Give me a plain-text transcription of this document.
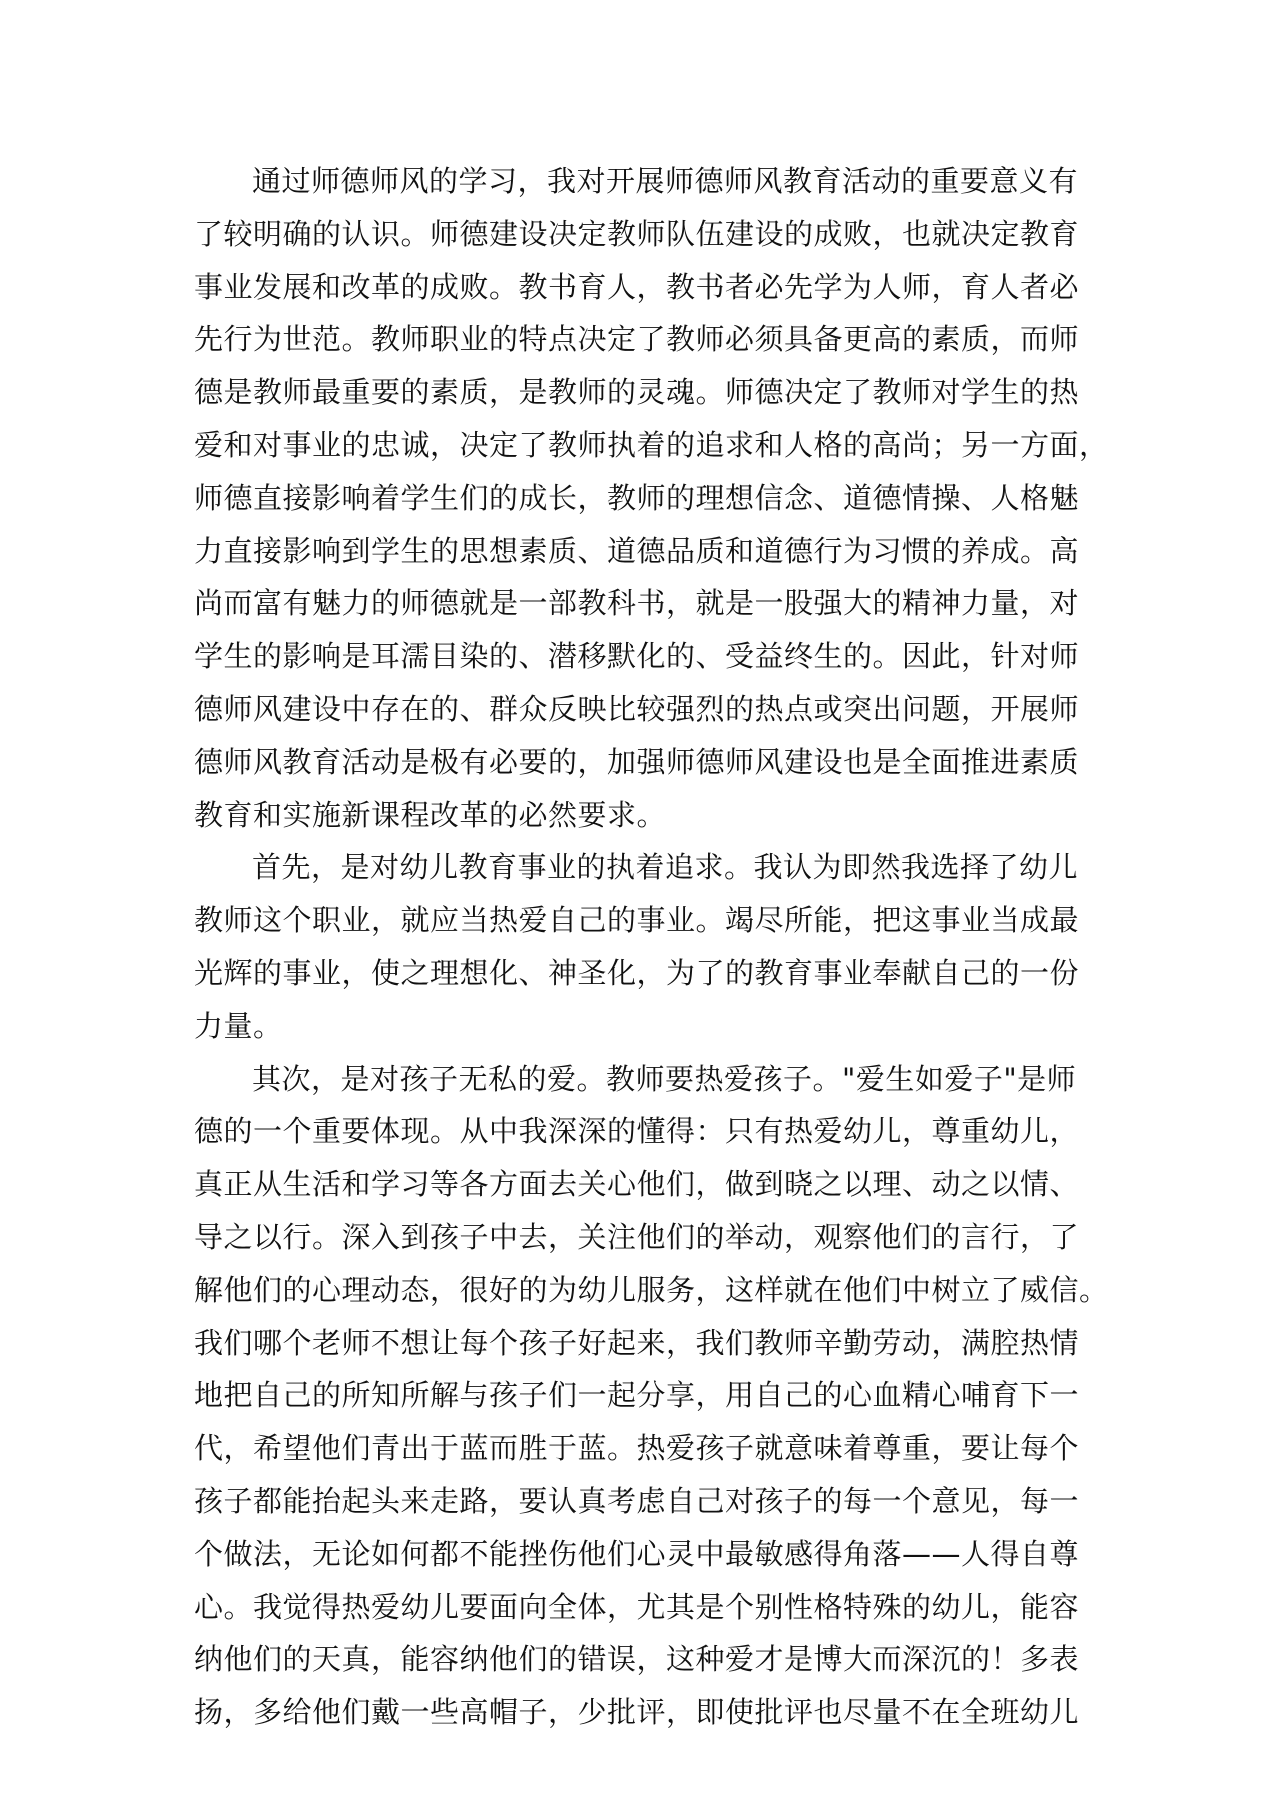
通过师德师风的学习，我对开展师德师风教育活动的重要意义有
了较明确的认识。师德建设决定教师队伍建设的成败，也就决定教育
事业发展和改革的成败。教书育人，教书者必先学为人师，育人者必
先行为世范。教师职业的特点决定了教师必须具备更高的素质，而师
德是教师最重要的素质，是教师的灵魂。师德决定了教师对学生的热
爱和对事业的忠诚，决定了教师执着的追求和人格的高尚；另一方面，
师德直接影响着学生们的成长，教师的理想信念、道德情操、人格魅
力直接影响到学生的思想素质、道德品质和道德行为习惯的养成。高
尚而富有魅力的师德就是一部教科书，就是一股强大的精神力量，对
学生的影响是耳濡目染的、潜移默化的、受益终生的。因此，针对师
德师风建设中存在的、群众反映比较强烈的热点或突出问题，开展师
德师风教育活动是极有必要的，加强师德师风建设也是全面推进素质
教育和实施新课程改革的必然要求。
首先，是对幼儿教育事业的执着追求。我认为即然我选择了幼儿
教师这个职业，就应当热爱自己的事业。竭尽所能，把这事业当成最
光辉的事业，使之理想化、神圣化，为了的教育事业奉献自己的一份
力量。
其次，是对孩子无私的爱。教师要热爱孩子。"爱生如爱子"是师
德的一个重要体现。从中我深深的懂得：只有热爱幼儿，尊重幼儿，
真正从生活和学习等各方面去关心他们，做到晓之以理、动之以情、
导之以行。深入到孩子中去，关注他们的举动，观察他们的言行，了
解他们的心理动态，很好的为幼儿服务，这样就在他们中树立了威信。
我们哪个老师不想让每个孩子好起来，我们教师辛勤劳动，满腔热情
地把自己的所知所解与孩子们一起分享，用自己的心血精心哺育下一
代，希望他们青出于蓝而胜于蓝。热爱孩子就意味着尊重，要让每个
孩子都能抬起头来走路，要认真考虑自己对孩子的每一个意见，每一
个做法，无论如何都不能挫伤他们心灵中最敏感得角落——人得自尊
心。我觉得热爱幼儿要面向全体，尤其是个别性格特殊的幼儿，能容
纳他们的天真，能容纳他们的错误，这种爱才是博大而深沉的！多表
扬，多给他们戴一些高帽子，少批评，即使批评也尽量不在全班幼儿
